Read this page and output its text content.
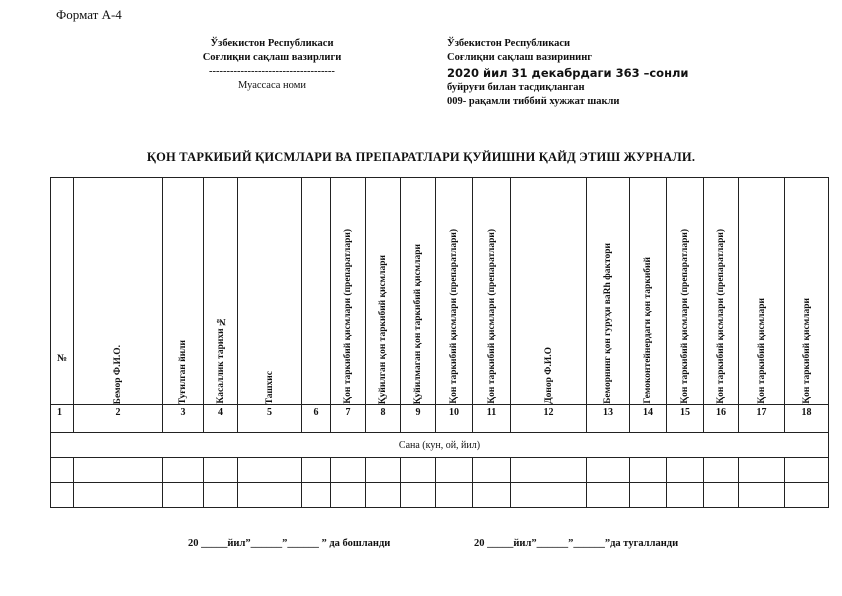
Формат А-4
Ўзбекистон Республикаси
Соғлиқни сақлаш вазирлиги
------------------------------------
Муассаса номи
Ўзбекистон Республикаси
Соғлиқни сақлаш вазирининг
2020 йил 31 декабрдаги 363 –сонли
буйруғи билан тасдиқланган
009- рақамли тиббий хужжат шакли
ҚОН ТАРКИБИЙ ҚИСМЛАРИ ВА ПРЕПАРАТЛАРИ ҚУЙИШНИ ҚАЙД ЭТИШ ЖУРНАЛИ.
№	Бемор Ф.И.О.	Туғилган йили	Касаллик тарихи №	Ташхис		Қон таркибий қисмлари (препаратлари)	Қуйилган қон таркибий қисмлари	Қуйилмаган қон таркибий қисмлари	Қон таркибий қисмлари (препаратлари)	Қон таркибий қисмлари (препаратлари)	Донор Ф.И.О	Беморнинг қон гуруҳи ваRh фактори	Гемоконтейнердаги қон таркибий	Қон таркибий қисмлари (препаратлари)	Қон таркибий қисмлари (препаратлари)	Қон таркибий қисмлари	Қон таркибий қисмлари

1	2	3	4	5	6	7	8	9	10	11	12	13	14	15	16	17	18
Сана (кун, ой, йил)																	

20 _____йил”______”______ ” да бошланди	20 _____йил”______”______”да тугалланди
